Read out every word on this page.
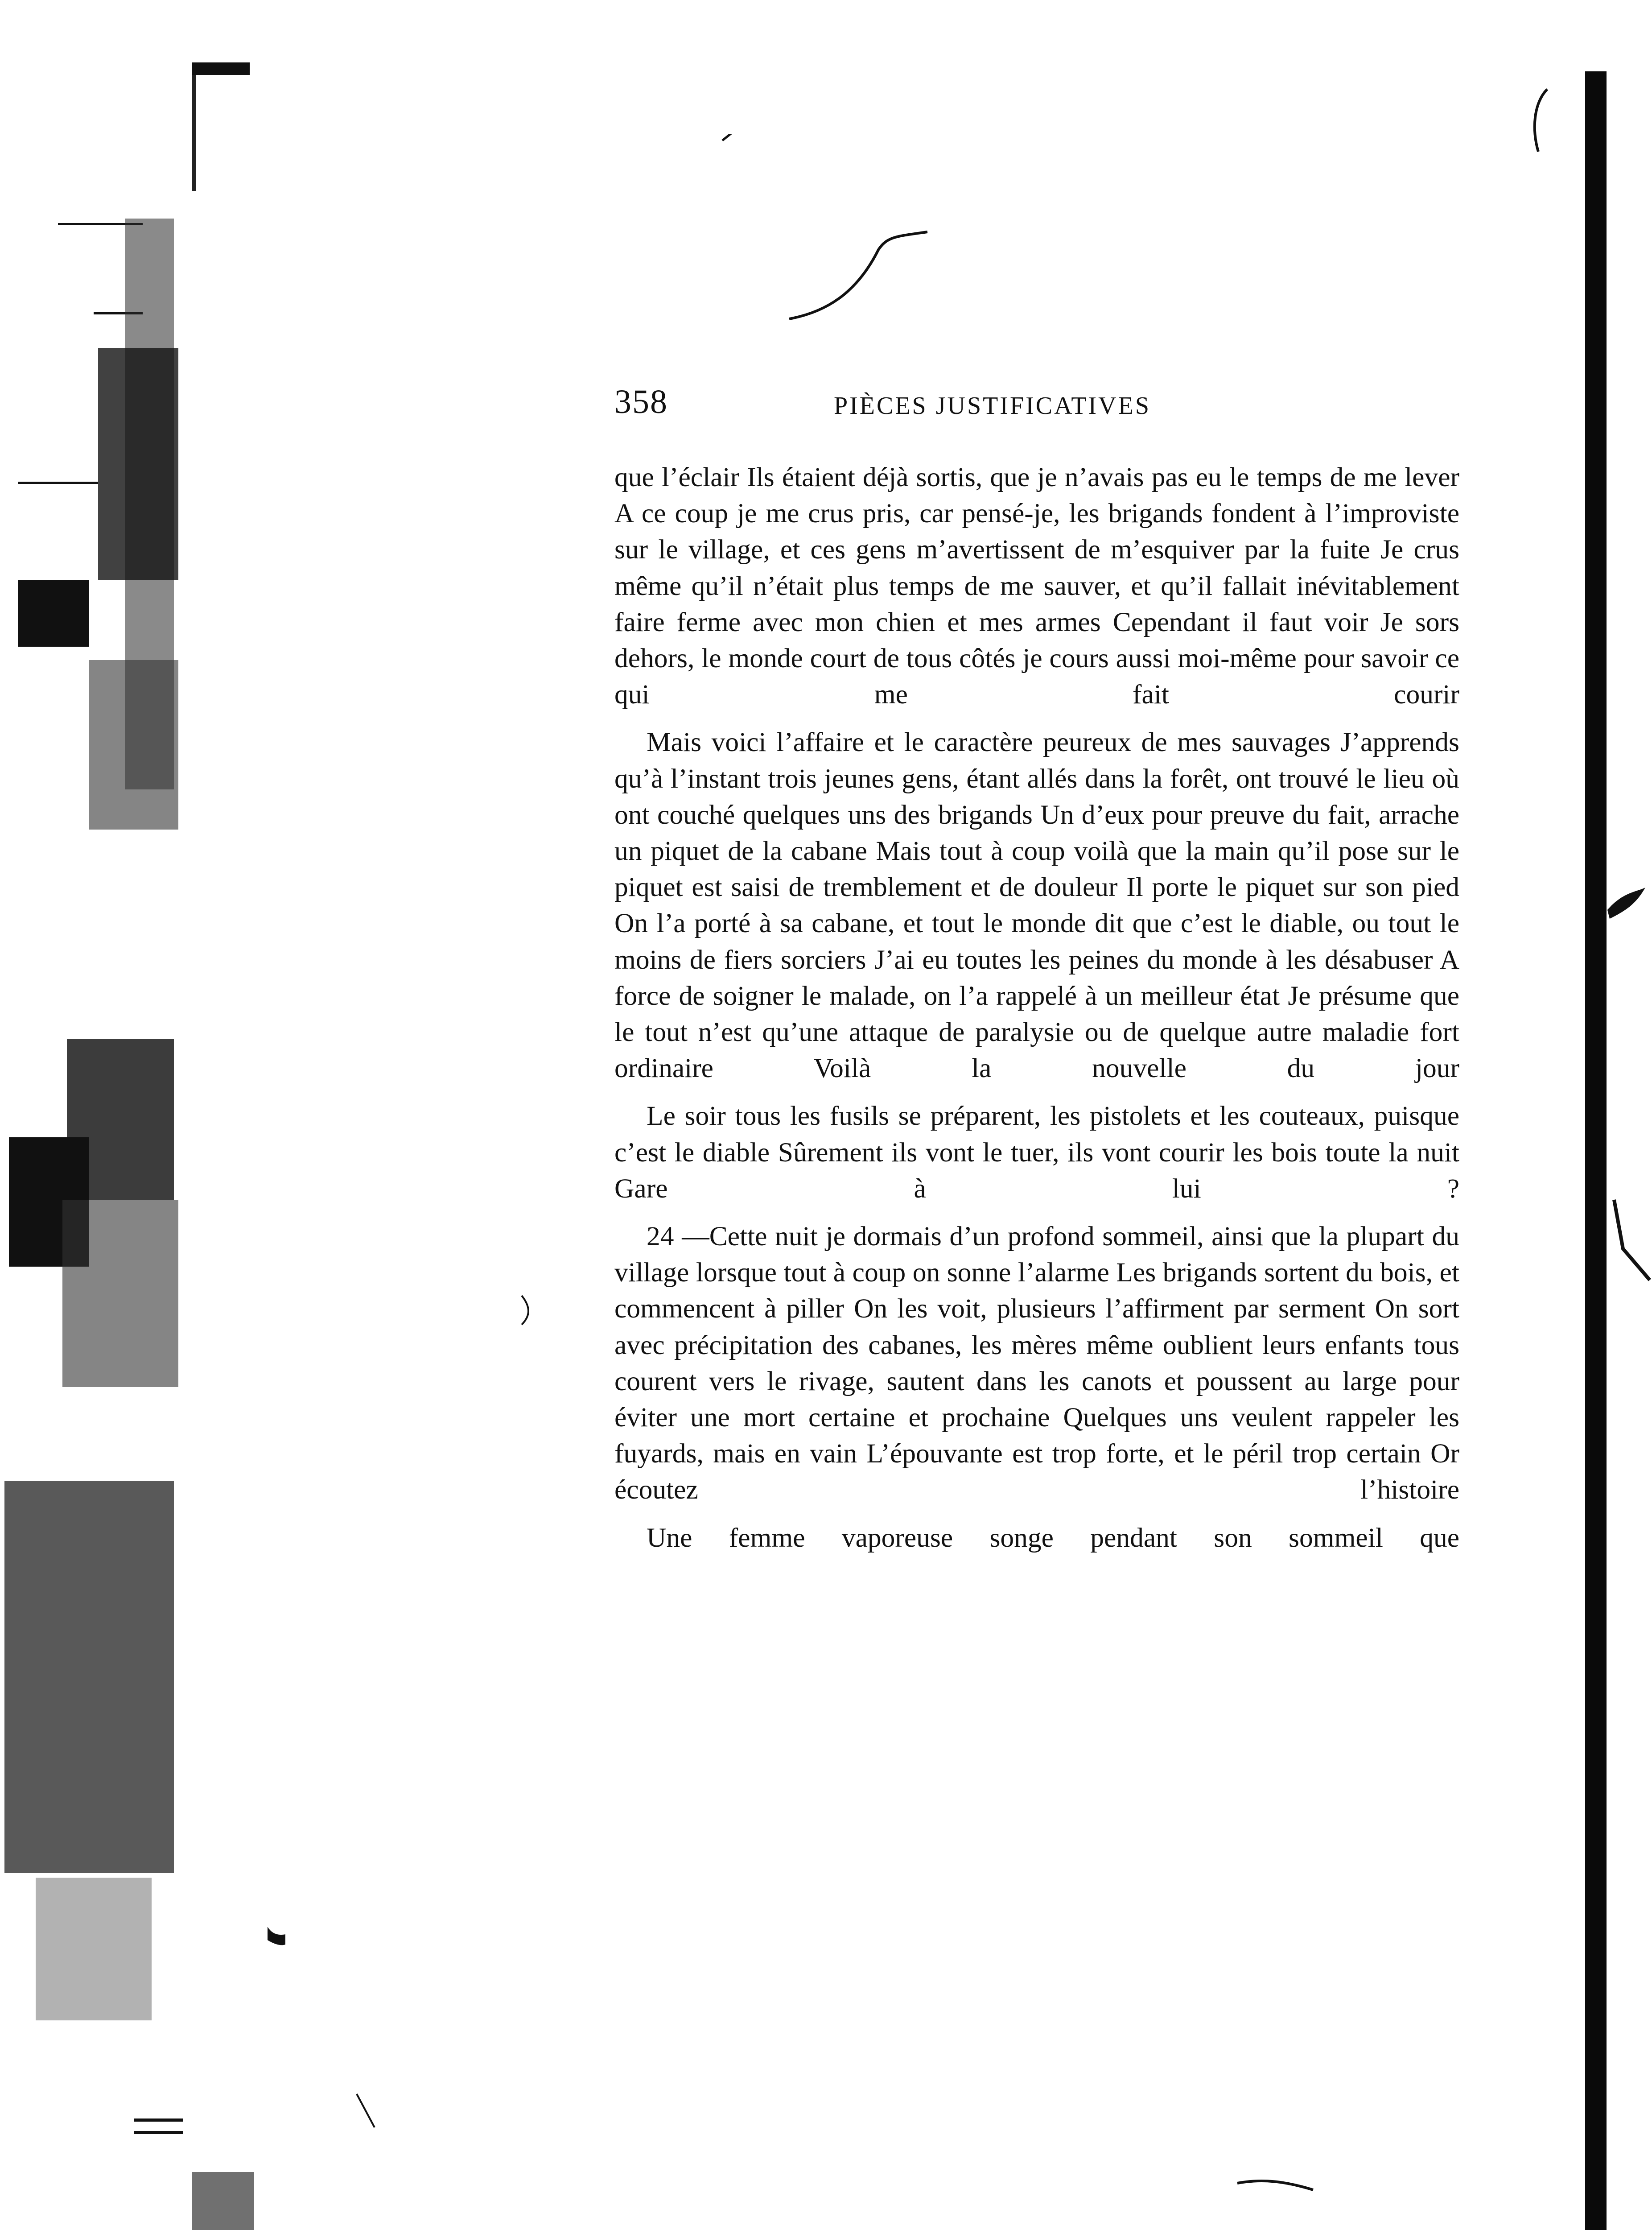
358	PIÈCES JUSTIFICATIVES

que l’éclair Ils étaient déjà sortis, que je n’avais pas eu le temps de me lever A ce coup je me crus pris, car pensé-je, les brigands fondent à l’improviste sur le village, et ces gens m’avertissent de m’esquiver par la fuite Je crus même qu’il n’était plus temps de me sauver, et qu’il fallait inévitablement faire ferme avec mon chien et mes armes Cependant il faut voir Je sors dehors, le monde court de tous côtés je cours aussi moi-même pour savoir ce qui me fait courir

Mais voici l’affaire et le caractère peureux de mes sauvages J’apprends qu’à l’instant trois jeunes gens, étant allés dans la forêt, ont trouvé le lieu où ont couché quelques uns des brigands Un d’eux pour preuve du fait, arrache un piquet de la cabane Mais tout à coup voilà que la main qu’il pose sur le piquet est saisi de tremblement et de douleur Il porte le piquet sur son pied On l’a porté à sa cabane, et tout le monde dit que c’est le diable, ou tout le moins de fiers sorciers J’ai eu toutes les peines du monde à les désabuser A force de soigner le malade, on l’a rappelé à un meilleur état Je présume que le tout n’est qu’une attaque de paralysie ou de quelque autre maladie fort ordinaire Voilà la nouvelle du jour

Le soir tous les fusils se préparent, les pistolets et les couteaux, puisque c’est le diable Sûrement ils vont le tuer, ils vont courir les bois toute la nuit Gare à lui ?

24 —Cette nuit je dormais d’un profond sommeil, ainsi que la plupart du village lorsque tout à coup on sonne l’alarme Les brigands sortent du bois, et commencent à piller On les voit, plusieurs l’affirment par serment On sort avec précipitation des cabanes, les mères même oublient leurs enfants tous courent vers le rivage, sautent dans les canots et poussent au large pour éviter une mort certaine et prochaine Quelques uns veulent rappeler les fuyards, mais en vain L’épouvante est trop forte, et le péril trop certain Or écoutez l’histoire

Une femme vaporeuse songe pendant son sommeil que
